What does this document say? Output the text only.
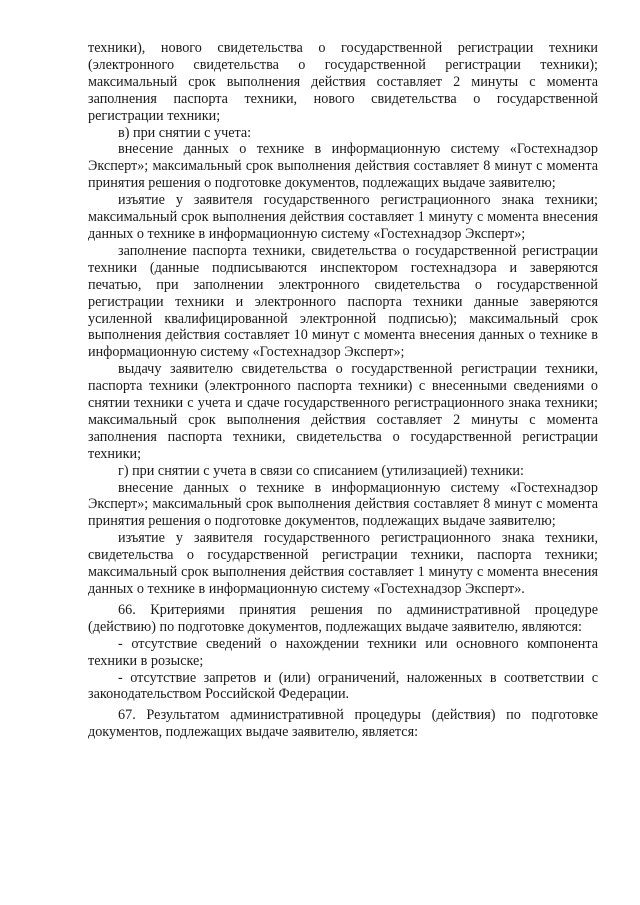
техники), нового свидетельства о государственной регистрации техники (электронного свидетельства о государственной регистрации техники); максимальный срок выполнения действия составляет 2 минуты с момента заполнения паспорта техники, нового свидетельства о государственной регистрации техники;

в) при снятии с учета:

внесение данных о технике в информационную систему «Гостехнадзор Эксперт»; максимальный срок выполнения действия составляет 8 минут с момента принятия решения о подготовке документов, подлежащих выдаче заявителю;

изъятие у заявителя государственного регистрационного знака техники; максимальный срок выполнения действия составляет 1 минуту с момента внесения данных о технике в информационную систему «Гостехнадзор Эксперт»;

заполнение паспорта техники, свидетельства о государственной регистрации техники (данные подписываются инспектором гостехнадзора и заверяются печатью, при заполнении электронного свидетельства о государственной регистрации техники и электронного паспорта техники данные заверяются усиленной квалифицированной электронной подписью); максимальный срок выполнения действия составляет 10 минут с момента внесения данных о технике в информационную систему «Гостехнадзор Эксперт»;

выдачу заявителю свидетельства о государственной регистрации техники, паспорта техники (электронного паспорта техники) с внесенными сведениями о снятии техники с учета и сдаче государственного регистрационного знака техники; максимальный срок выполнения действия составляет 2 минуты с момента заполнения паспорта техники, свидетельства о государственной регистрации техники;

г) при снятии с учета в связи со списанием (утилизацией) техники:

внесение данных о технике в информационную систему «Гостехнадзор Эксперт»; максимальный срок выполнения действия составляет 8 минут с момента принятия решения о подготовке документов, подлежащих выдаче заявителю;

изъятие у заявителя государственного регистрационного знака техники, свидетельства о государственной регистрации техники, паспорта техники; максимальный срок выполнения действия составляет 1 минуту с момента внесения данных о технике в информационную систему «Гостехнадзор Эксперт».

66. Критериями принятия решения по административной процедуре (действию) по подготовке документов, подлежащих выдаче заявителю, являются:

- отсутствие сведений о нахождении техники или основного компонента техники в розыске;

- отсутствие запретов и (или) ограничений, наложенных в соответствии с законодательством Российской Федерации.

67. Результатом административной процедуры (действия) по подготовке документов, подлежащих выдаче заявителю, является:
